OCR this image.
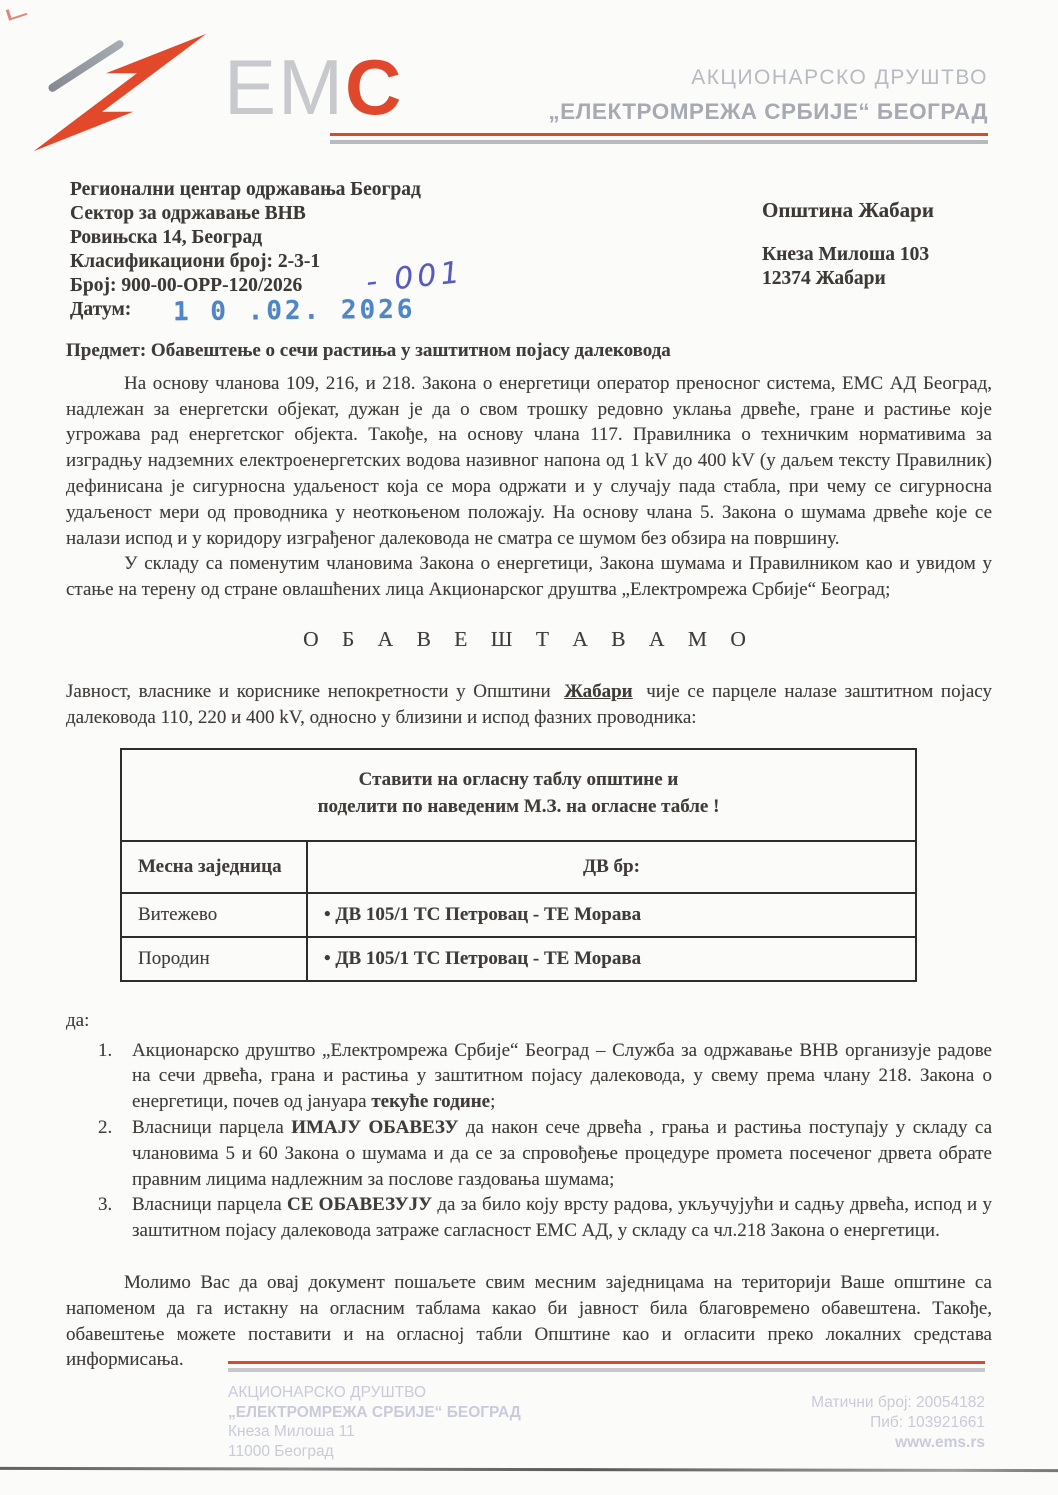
ЕМС	АКЦИОНАРСКО ДРУШТВО
„ЕЛЕКТРОМРЕЖА СРБИЈЕ“ БЕОГРАД
Регионални центар одржавања Београд
Сектор за одржавање ВНВ
Ровињска 14, Београд
Класификациони број: 2-3-1
Број: 900-00-ОРР-120/2026 - 001
Датум: 1 0 .02. 2026
Општина Жабари
Кнеза Милоша 103
12374 Жабари
Предмет: Обавештење о сечи растиња у заштитном појасу далековода
На основу чланова 109, 216, и 218. Закона о енергетици оператор преносног система, ЕМС АД Београд, надлежан за енергетски објекат, дужан је да о свом трошку редовно уклања дрвеће, гране и растиње које угрожава рад енергетског објекта. Такође, на основу члана 117. Правилника о техничким нормативима за изградњу надземних електроенергетских водова називног напона од 1 kV до 400 kV (у даљем тексту Правилник) дефинисана је сигурносна удаљеност која се мора одржати и у случају пада стабла, при чему се сигурносна удаљеност мери од проводника у неоткоњеном положају. На основу члана 5. Закона о шумама дрвеће које се налази испод и у коридору изграђеног далековода не сматра се шумом без обзира на површину.
У складу са поменутим члановима Закона о енергетици, Закона шумама и Правилником као и увидом у стање на терену од стране овлашћених лица Акционарског друштва „Електромрежа Србије“ Београд;
О Б А В Е Ш Т А В А М О
Јавност, власнике и кориснике непокретности у Општини Жабари чије се парцеле налазе заштитном појасу далековода 110, 220 и 400 kV, односно у близини и испод фазних проводника:
Ставити на огласну таблу општине и
поделити по наведеним М.З. на огласне табле !
Месна заједница	ДВ бр:
Витежево	• ДВ 105/1 ТС Петровац - ТЕ Морава
Породин	• ДВ 105/1 ТС Петровац - ТЕ Морава
да:
1.	Акционарско друштво „Електромрежа Србије“ Београд – Служба за одржавање ВНВ организује радове на сечи дрвећа, грана и растиња у заштитном појасу далековода, у свему према члану 218. Закона о енергетици, почев од јануара текуће године;
2.	Власници парцела ИМАЈУ ОБАВЕЗУ да након сече дрвећа , грања и растиња поступају у складу са члановима 5 и 60 Закона о шумама и да се за спровођење процедуре промета посеченог дрвета обрате правним лицима надлежним за послове газдовања шумама;
3.	Власници парцела СЕ ОБАВЕЗУЈУ да за било коју врсту радова, укључујући и садњу дрвећа, испод и у заштитном појасу далековода затраже сагласност ЕМС АД, у складу са чл.218 Закона о енергетици.
Молимо Вас да овај документ пошаљете свим месним заједницама на територији Ваше општине са напоменом да га истакну на огласним таблама какао би јавност била благовремено обавештена. Такође, обавештење можете поставити и на огласној табли Општине као и огласити преко локалних средстава информисања.
АКЦИОНАРСКО ДРУШТВО
„ЕЛЕКТРОМРЕЖА СРБИЈЕ“ БЕОГРАД
Кнеза Милоша 11
11000 Београд
Матични број: 20054182
Пиб: 103921661
www.ems.rs
